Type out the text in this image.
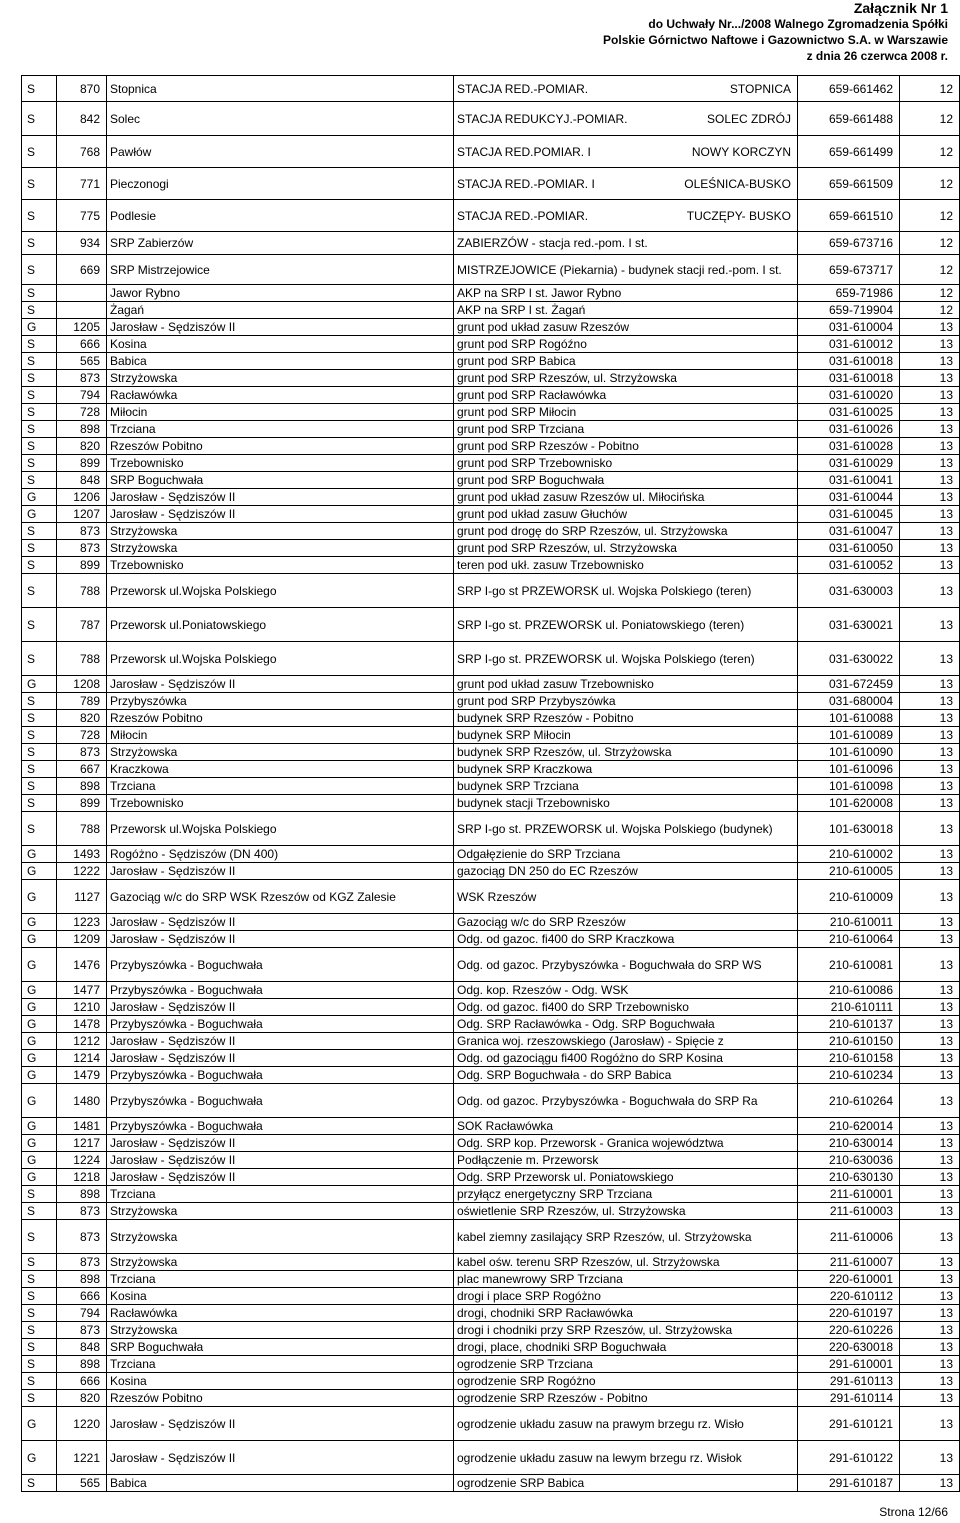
Załącznik Nr 1
do Uchwały Nr.../2008 Walnego Zgromadzenia Spółki
Polskie Górnictwo Naftowe i Gazownictwo S.A. w Warszawie
z dnia 26 czerwca 2008 r.
S	870	Stopnica	STACJA RED.-POMIAR. STOPNICA	659-661462	12
S	842	Solec	STACJA REDUKCYJ.-POMIAR. SOLEC ZDRÓJ	659-661488	12
S	768	Pawłów	STACJA RED.POMIAR. I NOWY KORCZYN	659-661499	12
S	771	Pieczonogi	STACJA RED.-POMIAR. I OLEŚNICA-BUSKO	659-661509	12
S	775	Podlesie	STACJA RED.-POMIAR. TUCZĘPY- BUSKO	659-661510	12
S	934	SRP Zabierzów	ZABIERZÓW - stacja red.-pom. I st.	659-673716	12
S	669	SRP Mistrzejowice	MISTRZEJOWICE (Piekarnia) - budynek stacji red.-pom. I st.	659-673717	12
S		Jawor Rybno	AKP na SRP I st. Jawor Rybno	659-71986	12
S		Żagań	AKP na SRP I st. Żagań	659-719904	12
G	1205	Jarosław - Sędziszów II	grunt pod układ zasuw Rzeszów	031-610004	13
S	666	Kosina	grunt pod SRP Rogóźno	031-610012	13
S	565	Babica	grunt pod SRP Babica	031-610018	13
S	873	Strzyżowska	grunt pod SRP Rzeszów, ul. Strzyżowska	031-610018	13
S	794	Racławówka	grunt pod SRP Racławówka	031-610020	13
S	728	Miłocin	grunt pod SRP Miłocin	031-610025	13
S	898	Trzciana	grunt pod SRP Trzciana	031-610026	13
S	820	Rzeszów Pobitno	grunt pod SRP Rzeszów - Pobitno	031-610028	13
S	899	Trzebownisko	grunt pod SRP Trzebownisko	031-610029	13
S	848	SRP Boguchwała	grunt pod SRP Boguchwała	031-610041	13
G	1206	Jarosław - Sędziszów II	grunt pod układ zasuw Rzeszów ul. Miłocińska	031-610044	13
G	1207	Jarosław - Sędziszów II	grunt pod układ zasuw Głuchów	031-610045	13
S	873	Strzyżowska	grunt pod drogę do SRP Rzeszów, ul. Strzyżowska	031-610047	13
S	873	Strzyżowska	grunt pod SRP Rzeszów, ul. Strzyżowska	031-610050	13
S	899	Trzebownisko	teren pod ukł. zasuw Trzebownisko	031-610052	13
S	788	Przeworsk ul.Wojska Polskiego	SRP I-go st PRZEWORSK ul. Wojska Polskiego (teren)	031-630003	13
S	787	Przeworsk ul.Poniatowskiego	SRP I-go st. PRZEWORSK ul. Poniatowskiego (teren)	031-630021	13
S	788	Przeworsk ul.Wojska Polskiego	SRP I-go st. PRZEWORSK ul. Wojska Polskiego (teren)	031-630022	13
G	1208	Jarosław - Sędziszów II	grunt pod układ zasuw Trzebownisko	031-672459	13
S	789	Przybyszówka	grunt pod SRP Przybyszówka	031-680004	13
S	820	Rzeszów Pobitno	budynek SRP Rzeszów - Pobitno	101-610088	13
S	728	Miłocin	budynek SRP Miłocin	101-610089	13
S	873	Strzyżowska	budynek SRP Rzeszów, ul. Strzyżowska	101-610090	13
S	667	Kraczkowa	budynek SRP Kraczkowa	101-610096	13
S	898	Trzciana	budynek SRP Trzciana	101-610098	13
S	899	Trzebownisko	budynek stacji Trzebownisko	101-620008	13
S	788	Przeworsk ul.Wojska Polskiego	SRP I-go st. PRZEWORSK ul. Wojska Polskiego (budynek)	101-630018	13
G	1493	Rogóżno - Sędziszów (DN 400)	Odgałęzienie do SRP Trzciana	210-610002	13
G	1222	Jarosław - Sędziszów II	gazociąg DN 250 do EC Rzeszów	210-610005	13
G	1127	Gazociąg w/c do SRP WSK Rzeszów od KGZ Zalesie	WSK Rzeszów	210-610009	13
G	1223	Jarosław - Sędziszów II	Gazociąg w/c do SRP Rzeszów	210-610011	13
G	1209	Jarosław - Sędziszów II	Odg. od gazoc. fi400 do SRP Kraczkowa	210-610064	13
G	1476	Przybyszówka - Boguchwała	Odg. od gazoc. Przybyszówka - Boguchwała do SRP WS	210-610081	13
G	1477	Przybyszówka - Boguchwała	Odg. kop. Rzeszów - Odg. WSK	210-610086	13
G	1210	Jarosław - Sędziszów II	Odg. od gazoc. fi400 do SRP Trzebownisko	210-610111	13
G	1478	Przybyszówka - Boguchwała	Odg. SRP Racławówka - Odg. SRP Boguchwała	210-610137	13
G	1212	Jarosław - Sędziszów II	Granica woj. rzeszowskiego (Jarosław) - Spięcie z	210-610150	13
G	1214	Jarosław - Sędziszów II	Odg. od gazociągu fi400 Rogóżno do SRP Kosina	210-610158	13
G	1479	Przybyszówka - Boguchwała	Odg. SRP Boguchwała - do SRP Babica	210-610234	13
G	1480	Przybyszówka - Boguchwała	Odg. od gazoc. Przybyszówka - Boguchwała do SRP Ra	210-610264	13
G	1481	Przybyszówka - Boguchwała	SOK Racławówka	210-620014	13
G	1217	Jarosław - Sędziszów II	Odg. SRP kop. Przeworsk - Granica województwa	210-630014	13
G	1224	Jarosław - Sędziszów II	Podłączenie m. Przeworsk	210-630036	13
G	1218	Jarosław - Sędziszów II	Odg. SRP Przeworsk ul. Poniatowskiego	210-630130	13
S	898	Trzciana	przyłącz energetyczny SRP Trzciana	211-610001	13
S	873	Strzyżowska	oświetlenie SRP Rzeszów, ul. Strzyżowska	211-610003	13
S	873	Strzyżowska	kabel ziemny zasilający SRP Rzeszów, ul. Strzyżowska	211-610006	13
S	873	Strzyżowska	kabel ośw. terenu SRP Rzeszów, ul. Strzyżowska	211-610007	13
S	898	Trzciana	plac manewrowy SRP Trzciana	220-610001	13
S	666	Kosina	drogi i place SRP Rogóżno	220-610112	13
S	794	Racławówka	drogi, chodniki SRP Racławówka	220-610197	13
S	873	Strzyżowska	drogi i chodniki przy SRP Rzeszów, ul. Strzyżowska	220-610226	13
S	848	SRP Boguchwała	drogi, place, chodniki SRP Boguchwała	220-630018	13
S	898	Trzciana	ogrodzenie SRP Trzciana	291-610001	13
S	666	Kosina	ogrodzenie SRP Rogóżno	291-610113	13
S	820	Rzeszów Pobitno	ogrodzenie SRP Rzeszów - Pobitno	291-610114	13
G	1220	Jarosław - Sędziszów II	ogrodzenie układu zasuw na prawym brzegu rz. Wisło	291-610121	13
G	1221	Jarosław - Sędziszów II	ogrodzenie układu zasuw na lewym brzegu rz. Wisłok	291-610122	13
S	565	Babica	ogrodzenie SRP Babica	291-610187	13
Strona 12/66
